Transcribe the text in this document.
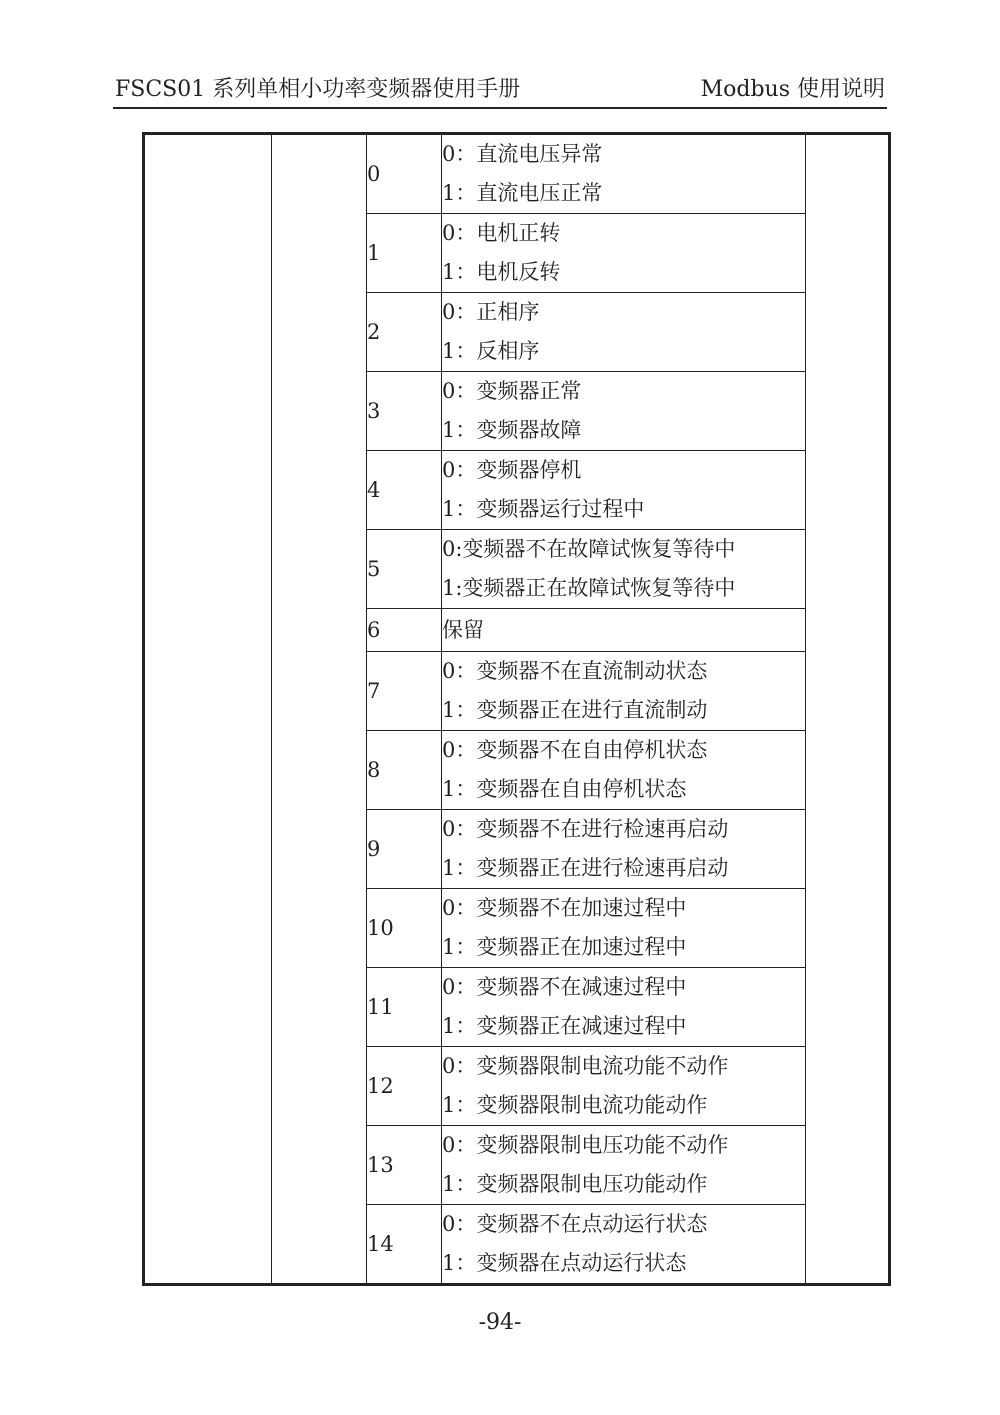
FSCS01 系列单相小功率变频器使用手册	Modbus 使用说明
		0	0：直流电压异常
1：直流电压正常	

		1	0：电机正转
1：电机反转	

		2	0：正相序
1：反相序	

		3	0：变频器正常
1：变频器故障	

		4	0：变频器停机
1：变频器运行过程中	

		5	0:变频器不在故障试恢复等待中
1:变频器正在故障试恢复等待中	

		6	保留	

		7	0：变频器不在直流制动状态
1：变频器正在进行直流制动	

		8	0：变频器不在自由停机状态
1：变频器在自由停机状态	

		9	0：变频器不在进行检速再启动
1：变频器正在进行检速再启动	

		10	0：变频器不在加速过程中
1：变频器正在加速过程中	

		11	0：变频器不在减速过程中
1：变频器正在减速过程中	

		12	0：变频器限制电流功能不动作
1：变频器限制电流功能动作	

		13	0：变频器限制电压功能不动作
1：变频器限制电压功能动作	

		14	0：变频器不在点动运行状态
1：变频器在点动运行状态	
-94-
